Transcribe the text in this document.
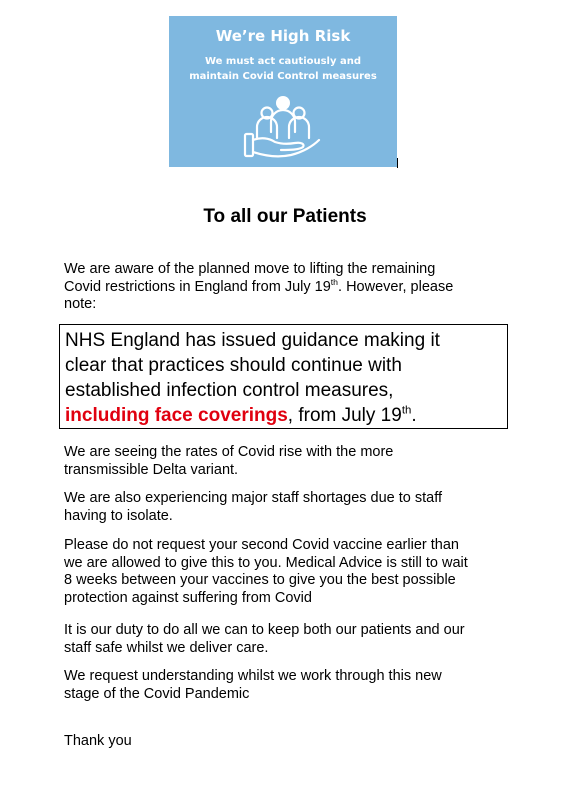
We’re High Risk
We must act cautiously and
maintain Covid Control measures
To all our Patients

We are aware of the planned move to lifting the remaining
Covid restrictions in England from July 19th. However, please
note:

NHS England has issued guidance making it
clear that practices should continue with
established infection control measures,
including face coverings, from July 19th.

We are seeing the rates of Covid rise with the more
transmissible Delta variant.

We are also experiencing major staff shortages due to staff
having to isolate.

Please do not request your second Covid vaccine earlier than
we are allowed to give this to you. Medical Advice is still to wait
8 weeks between your vaccines to give you the best possible
protection against suffering from Covid

It is our duty to do all we can to keep both our patients and our
staff safe whilst we deliver care.

We request understanding whilst we work through this new
stage of the Covid Pandemic

Thank you
